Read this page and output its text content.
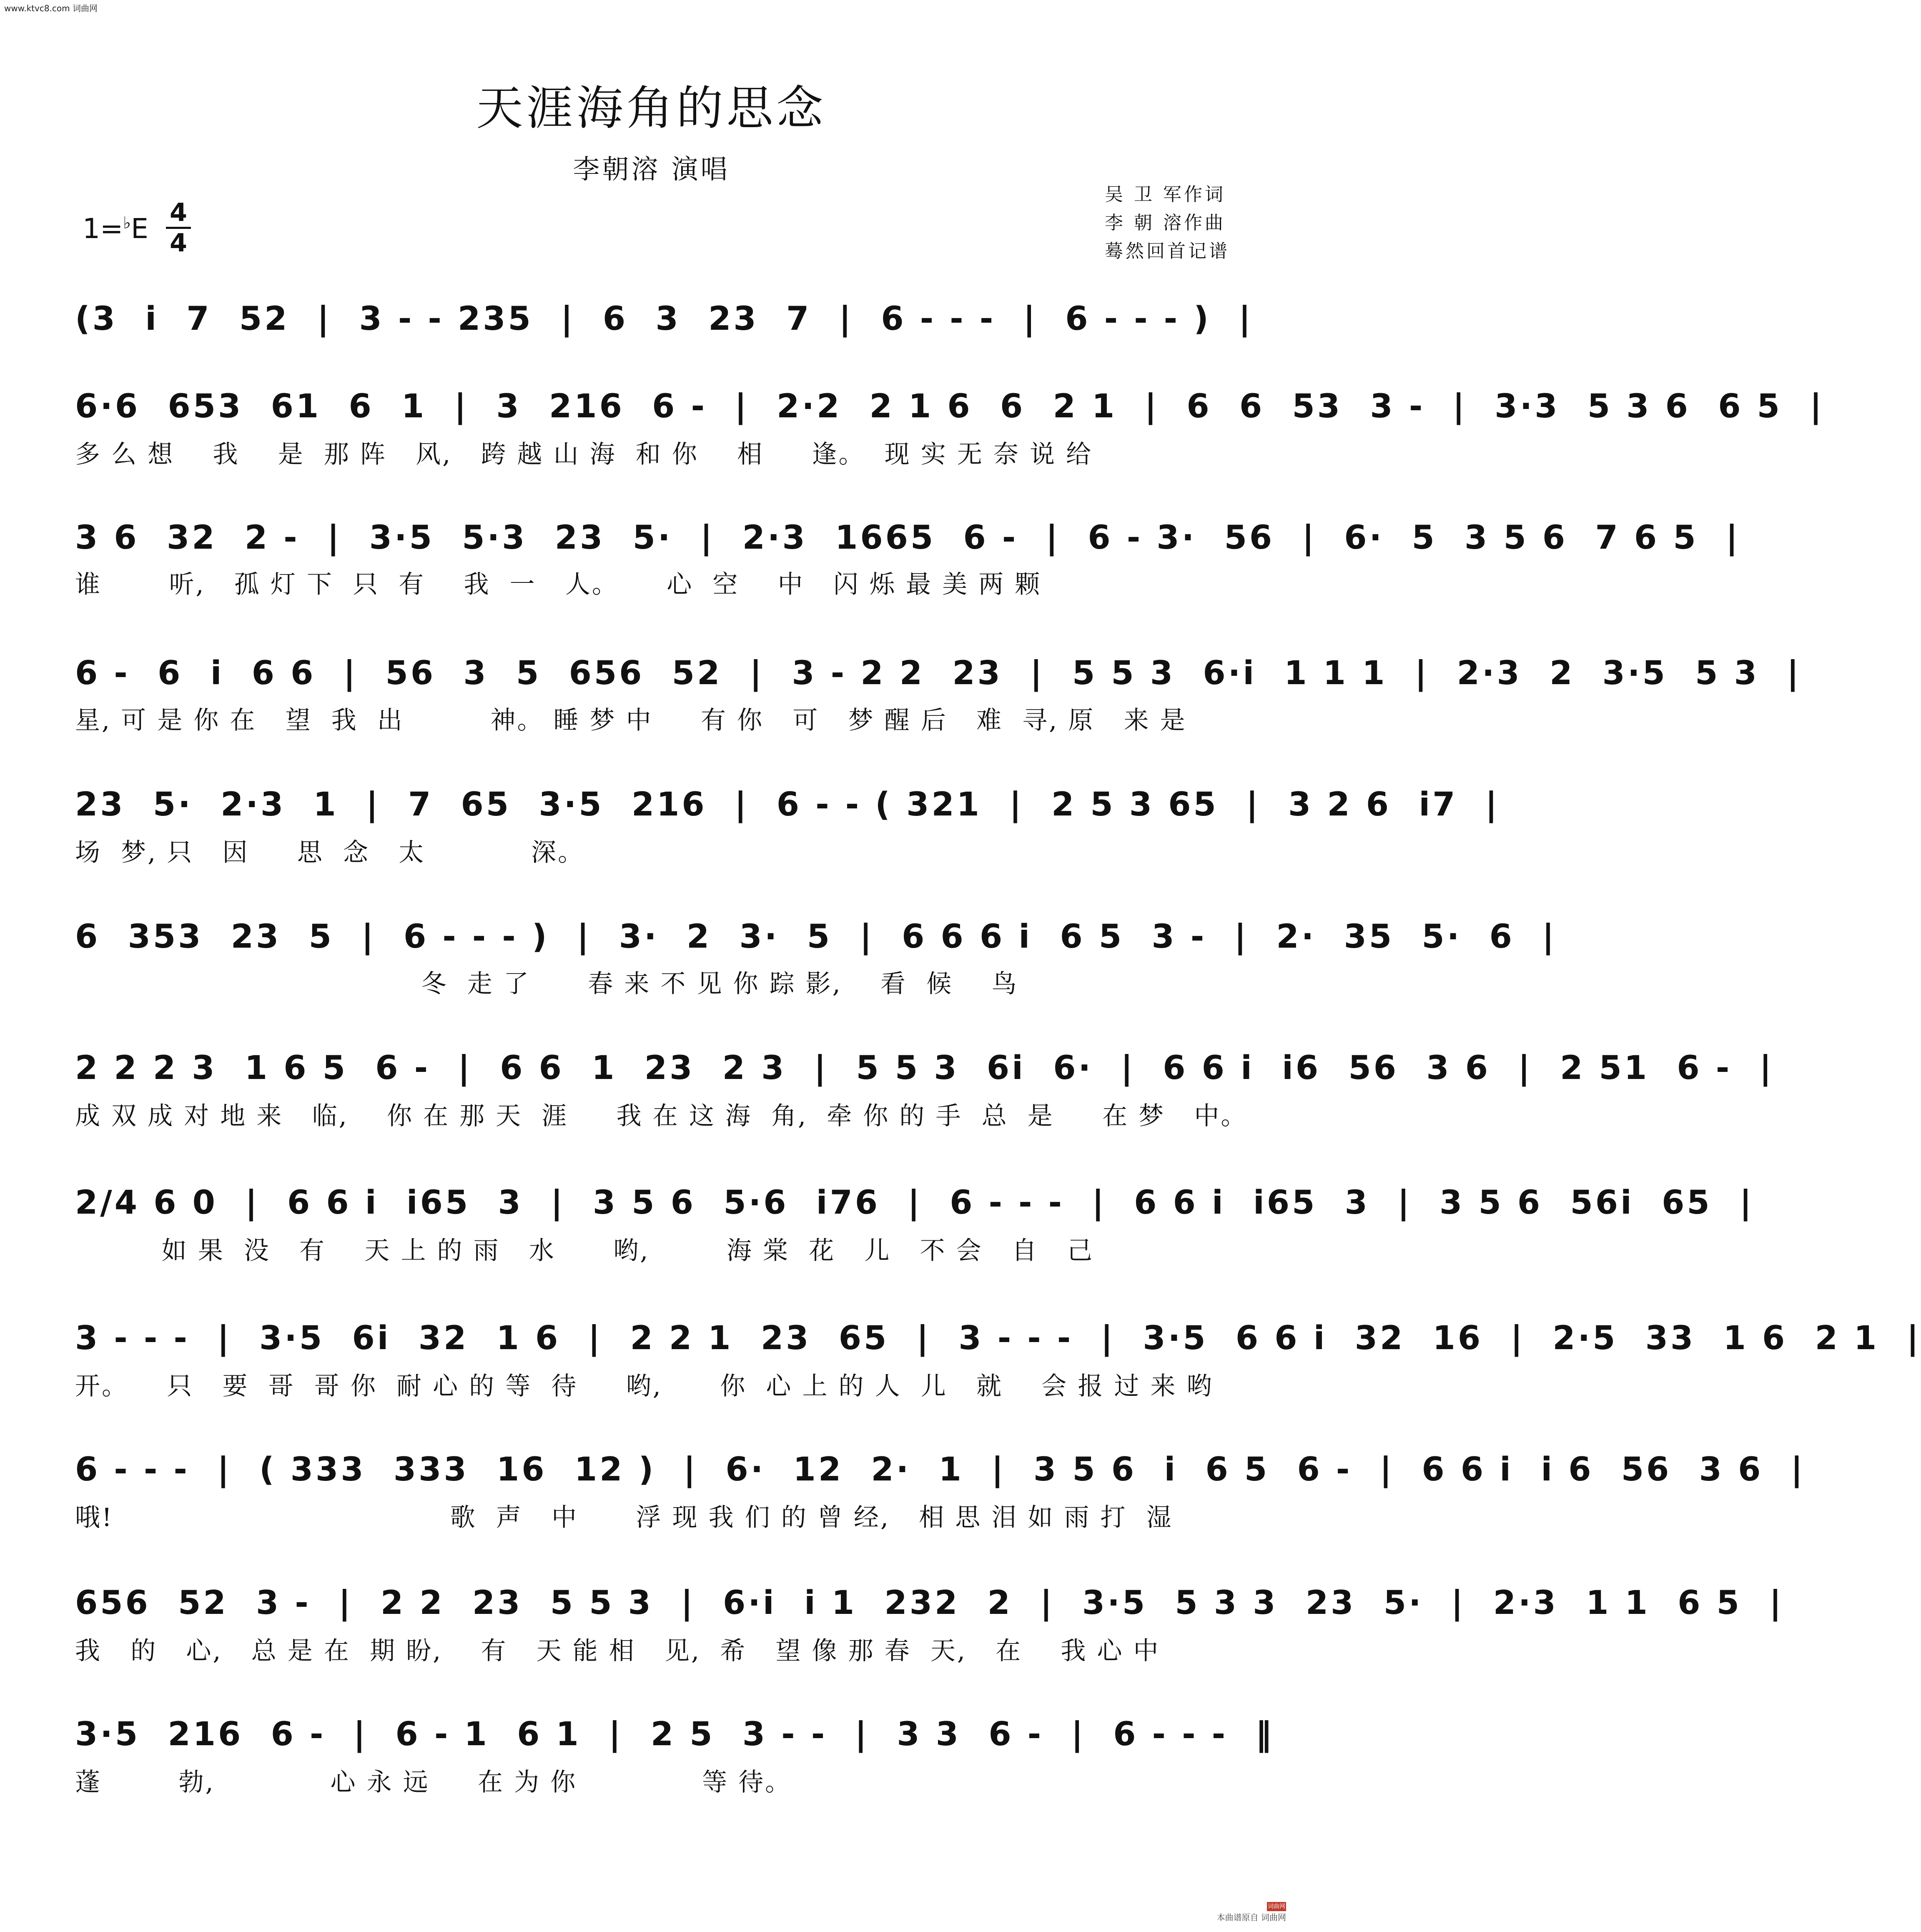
www.ktvc8.com 词曲网
天涯海角的思念
李朝溶 演唱
吴 卫 军作词
李 朝 溶作曲
蓦然回首记谱
1=♭E 4
4
(3  i  7  52  |  3 - - 235  |  6  3  23  7  |  6 - - -  |  6 - - - )  |
6·6  653  61  6  1  |  3  216  6 -  |  2·2  2 1 6  6  2 1  |  6  6  53  3 -  |  3·3  5 3 6  6 5  |
多 么 想    我    是  那 阵   风,   跨 越 山 海  和 你    相     逢。  现 实 无 奈 说 给
3 6  32  2 -  |  3·5  5·3  23  5·  |  2·3  1665  6 -  |  6 - 3·  56  |  6·  5  3 5 6  7 6 5  |
谁       听,   孤 灯 下  只  有    我  一   人。     心  空    中   闪 烁 最 美 两 颗
6 -  6  i  6 6  |  56  3  5  656  52  |  3 - 2 2  23  |  5 5 3  6·i  1 1 1  |  2·3  2  3·5  5 3  |
星, 可 是 你 在   望  我  出         神。 睡 梦 中     有 你   可   梦 醒 后   难  寻, 原   来 是
23  5·  2·3  1  |  7  65  3·5  216  |  6 - - ( 321  |  2 5 3 65  |  3 2 6  i7  |
场  梦, 只   因     思  念   太           深。
6  353  23  5  |  6 - - - )  |  3·  2  3·  5  |  6 6 6 i  6 5  3 -  |  2·  35  5·  6  |
冬  走 了      春 来 不 见 你 踪 影,    看  候    鸟
2 2 2 3  1 6 5  6 -  |  6 6  1  23  2 3  |  5 5 3  6i  6·  |  6 6 i  i6  56  3 6  |  2 51  6 -  |
成 双 成 对 地 来   临,    你 在 那 天  涯     我 在 这 海  角,  牵 你 的 手  总  是     在 梦   中。
2/4 6 0  |  6 6 i  i65  3  |  3 5 6  5·6  i76  |  6 - - -  |  6 6 i  i65  3  |  3 5 6  56i  65  |
如 果  没   有    天 上 的 雨   水      哟,        海 棠  花   儿   不 会   自   己
3 - - -  |  3·5  6i  32  1 6  |  2 2 1  23  65  |  3 - - -  |  3·5  6 6 i  32  16  |  2·5  33  1 6  2 1  |
开。    只   要  哥  哥 你  耐 心 的 等  待     哟,      你  心 上 的 人  儿   就    会 报 过 来 哟
6 - - -  |  ( 333  333  16  12 )  |  6·  12  2·  1  |  3 5 6  i  6 5  6 -  |  6 6 i  i 6  56  3 6  |
哦!                                   歌  声   中      浮 现 我 们 的 曾 经,   相 思 泪 如 雨 打  湿
656  52  3 -  |  2 2  23  5 5 3  |  6·i  i 1  232  2  |  3·5  5 3 3  23  5·  |  2·3  1 1  6 5  |
我   的   心,   总 是 在  期 盼,    有   天 能 相   见,  希   望 像 那 春  天,   在    我 心 中
3·5  216  6 -  |  6 - 1  6 1  |  2 5  3 - -  |  3 3  6 -  |  6 - - -  ‖
蓬        勃,            心 永 远     在 为 你             等 待。
词曲网
本曲谱原自 词曲网
